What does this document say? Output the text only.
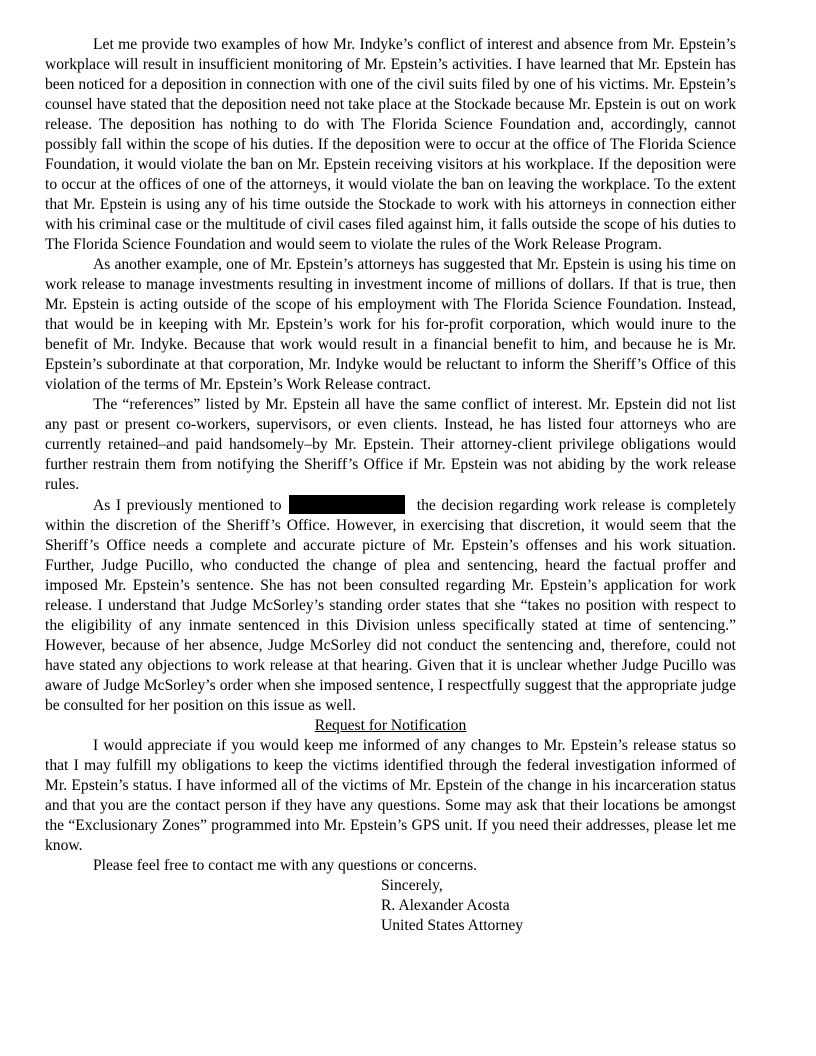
Let me provide two examples of how Mr. Indyke’s conflict of interest and absence from Mr. Epstein’s workplace will result in insufficient monitoring of Mr. Epstein’s activities. I have learned that Mr. Epstein has been noticed for a deposition in connection with one of the civil suits filed by one of his victims. Mr. Epstein’s counsel have stated that the deposition need not take place at the Stockade because Mr. Epstein is out on work release. The deposition has nothing to do with The Florida Science Foundation and, accordingly, cannot possibly fall within the scope of his duties. If the deposition were to occur at the office of The Florida Science Foundation, it would violate the ban on Mr. Epstein receiving visitors at his workplace. If the deposition were to occur at the offices of one of the attorneys, it would violate the ban on leaving the workplace. To the extent that Mr. Epstein is using any of his time outside the Stockade to work with his attorneys in connection either with his criminal case or the multitude of civil cases filed against him, it falls outside the scope of his duties to The Florida Science Foundation and would seem to violate the rules of the Work Release Program.

As another example, one of Mr. Epstein’s attorneys has suggested that Mr. Epstein is using his time on work release to manage investments resulting in investment income of millions of dollars. If that is true, then Mr. Epstein is acting outside of the scope of his employment with The Florida Science Foundation. Instead, that would be in keeping with Mr. Epstein’s work for his for-profit corporation, which would inure to the benefit of Mr. Indyke. Because that work would result in a financial benefit to him, and because he is Mr. Epstein’s subordinate at that corporation, Mr. Indyke would be reluctant to inform the Sheriff’s Office of this violation of the terms of Mr. Epstein’s Work Release contract.

The “references” listed by Mr. Epstein all have the same conflict of interest. Mr. Epstein did not list any past or present co-workers, supervisors, or even clients. Instead, he has listed four attorneys who are currently retained–and paid handsomely–by Mr. Epstein. Their attorney-client privilege obligations would further restrain them from notifying the Sheriff’s Office if Mr. Epstein was not abiding by the work release rules.

As I previously mentioned to	the decision regarding work release is completely within the discretion of the Sheriff’s Office. However, in exercising that discretion, it would seem that the Sheriff’s Office needs a complete and accurate picture of Mr. Epstein’s offenses and his work situation. Further, Judge Pucillo, who conducted the change of plea and sentencing, heard the factual proffer and imposed Mr. Epstein’s sentence. She has not been consulted regarding Mr. Epstein’s application for work release. I understand that Judge McSorley’s standing order states that she “takes no position with respect to the eligibility of any inmate sentenced in this Division unless specifically stated at time of sentencing.” However, because of her absence, Judge McSorley did not conduct the sentencing and, therefore, could not have stated any objections to work release at that hearing. Given that it is unclear whether Judge Pucillo was aware of Judge McSorley’s order when she imposed sentence, I respectfully suggest that the appropriate judge be consulted for her position on this issue as well.

Request for Notification

I would appreciate if you would keep me informed of any changes to Mr. Epstein’s release status so that I may fulfill my obligations to keep the victims identified through the federal investigation informed of Mr. Epstein’s status. I have informed all of the victims of Mr. Epstein of the change in his incarceration status and that you are the contact person if they have any questions. Some may ask that their locations be amongst the “Exclusionary Zones” programmed into Mr. Epstein’s GPS unit. If you need their addresses, please let me know.

Please feel free to contact me with any questions or concerns.

Sincerely,
R. Alexander Acosta
United States Attorney
